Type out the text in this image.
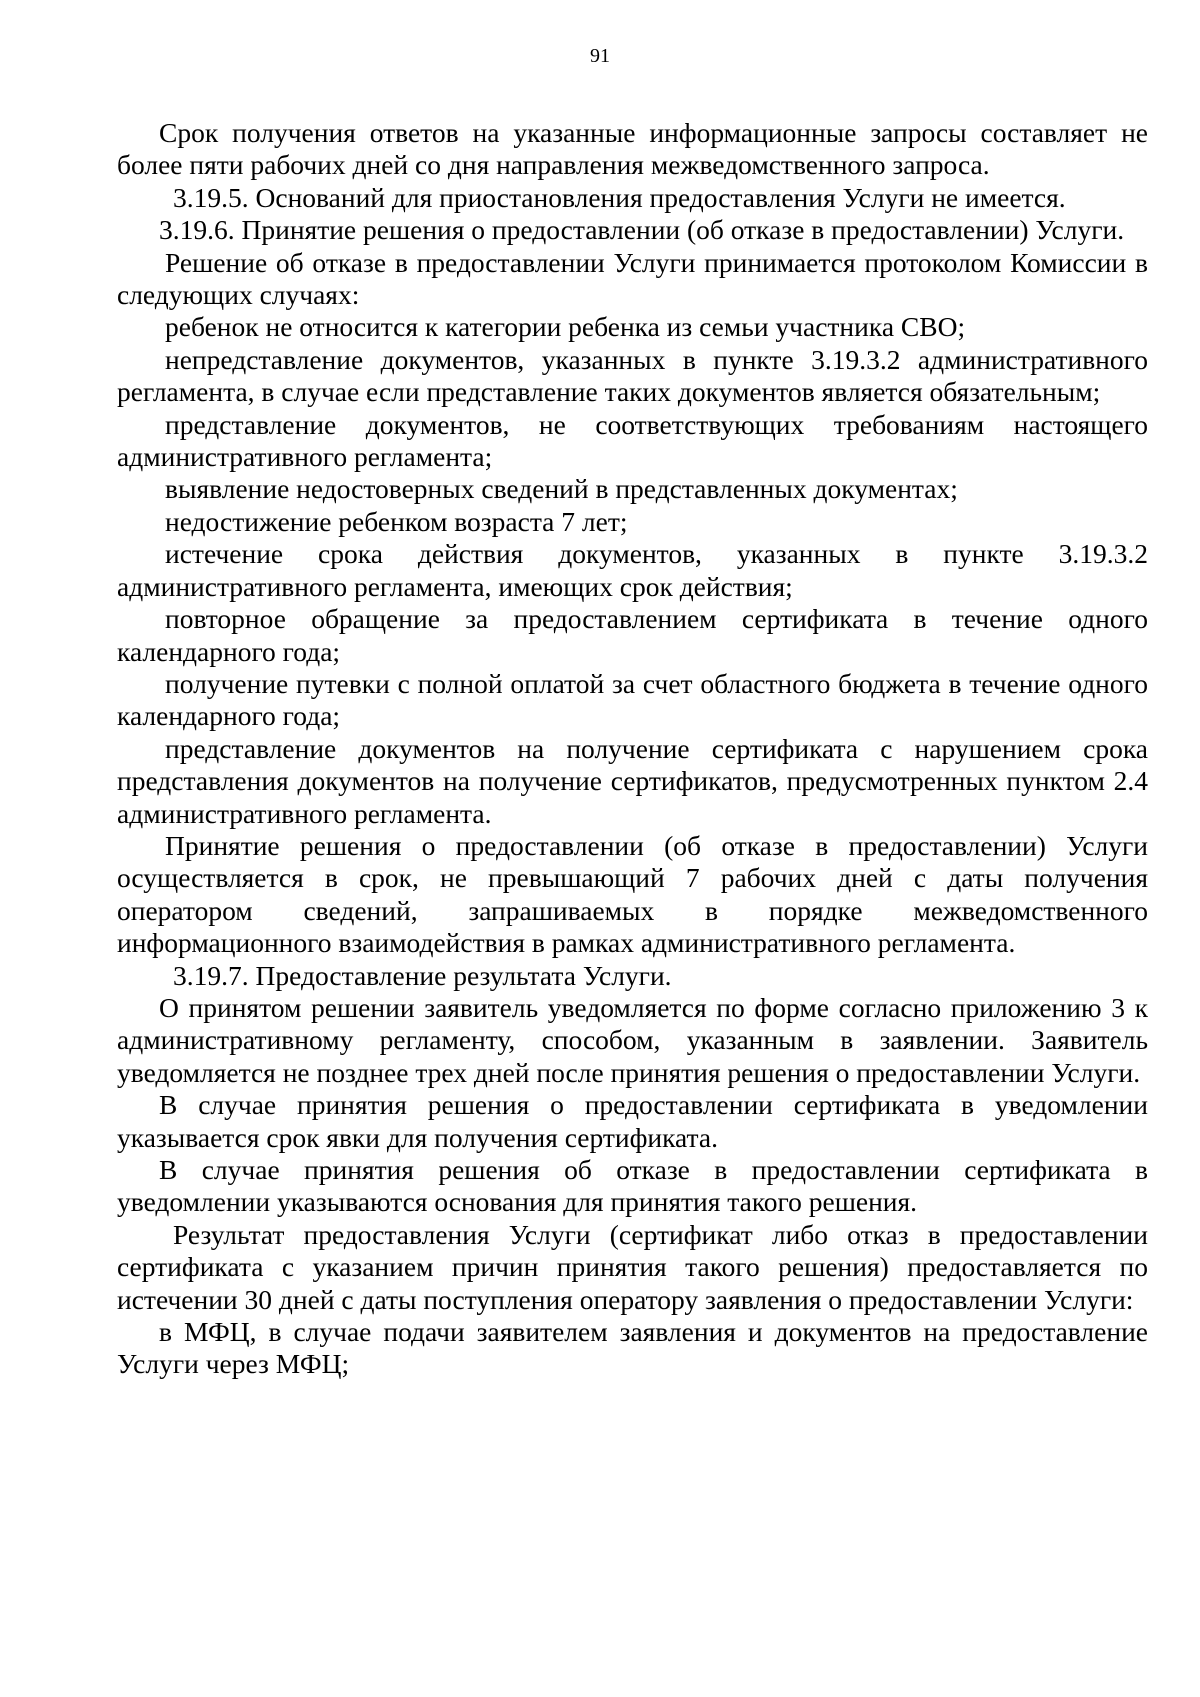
91

Срок получения ответов на указанные информационные запросы составляет не более пяти рабочих дней со дня направления межведомственного запроса.

3.19.5. Оснований для приостановления предоставления Услуги не имеется.

3.19.6. Принятие решения о предоставлении (об отказе в предоставлении) Услуги.

Решение об отказе в предоставлении Услуги принимается протоколом Комиссии в следующих случаях:

ребенок не относится к категории ребенка из семьи участника СВО;

непредставление документов, указанных в пункте 3.19.3.2 административного регламента, в случае если представление таких документов является обязательным;

представление документов, не соответствующих требованиям настоящего административного регламента;

выявление недостоверных сведений в представленных документах;

недостижение ребенком возраста 7 лет;

истечение срока действия документов, указанных в пункте 3.19.3.2 административного регламента, имеющих срок действия;

повторное обращение за предоставлением сертификата в течение одного календарного года;

получение путевки с полной оплатой за счет областного бюджета в течение одного календарного года;

представление документов на получение сертификата с нарушением срока представления документов на получение сертификатов, предусмотренных пунктом 2.4 административного регламента.

Принятие решения о предоставлении (об отказе в предоставлении) Услуги осуществляется в срок, не превышающий 7 рабочих дней с даты получения оператором сведений, запрашиваемых в порядке межведомственного информационного взаимодействия в рамках административного регламента.

3.19.7. Предоставление результата Услуги.

О принятом решении заявитель уведомляется по форме согласно приложению 3 к административному регламенту, способом, указанным в заявлении. Заявитель уведомляется не позднее трех дней после принятия решения о предоставлении Услуги.

В случае принятия решения о предоставлении сертификата в уведомлении указывается срок явки для получения сертификата.

В случае принятия решения об отказе в предоставлении сертификата в уведомлении указываются основания для принятия такого решения.

Результат предоставления Услуги (сертификат либо отказ в предоставлении сертификата с указанием причин принятия такого решения) предоставляется по истечении 30 дней с даты поступления оператору заявления о предоставлении Услуги:

в МФЦ, в случае подачи заявителем заявления и документов на предоставление Услуги через МФЦ;
